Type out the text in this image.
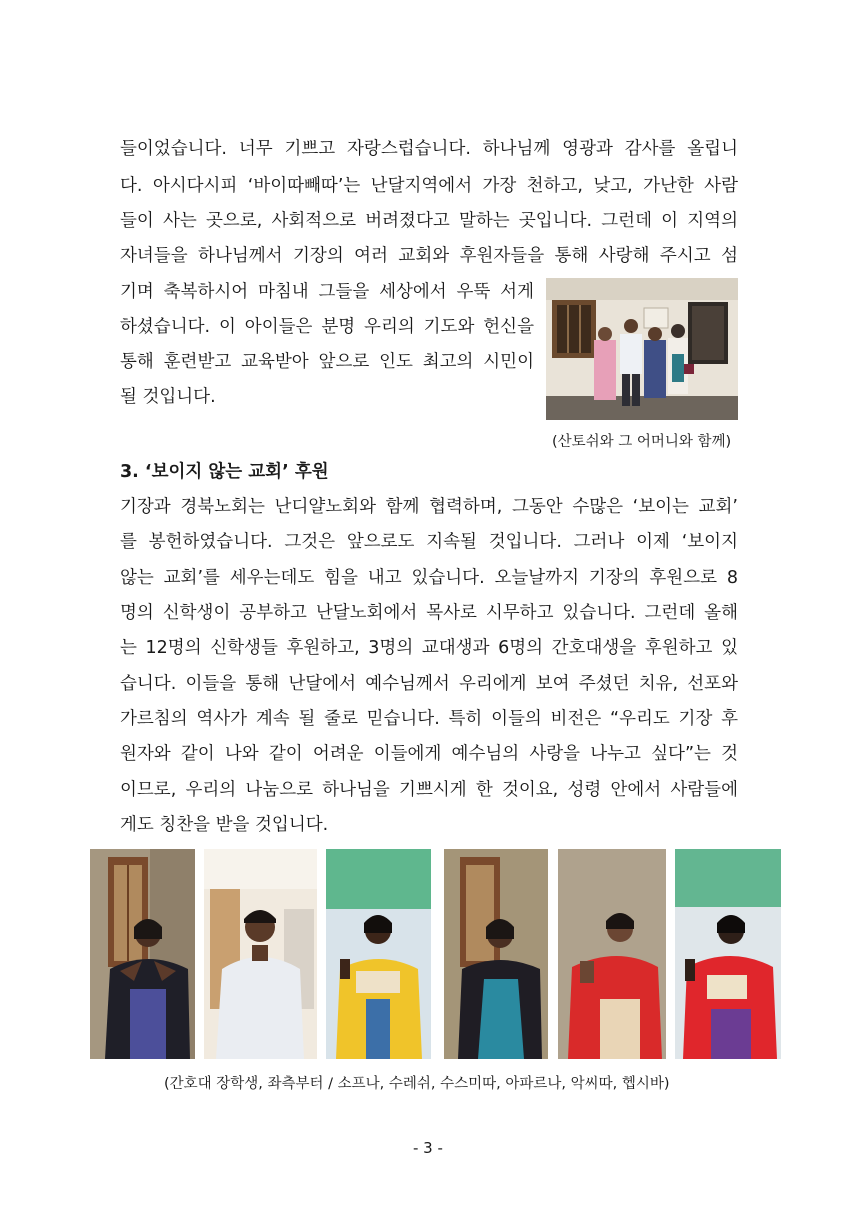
들이었습니다. 너무 기쁘고 자랑스럽습니다. 하나님께 영광과 감사를 올립니
다. 아시다시피 ‘바이따빼따’는 난달지역에서 가장 천하고, 낮고, 가난한 사람
들이 사는 곳으로, 사회적으로 버려졌다고 말하는 곳입니다. 그런데 이 지역의
자녀들을 하나님께서 기장의 여러 교회와 후원자들을 통해 사랑해 주시고 섬
기며 축복하시어 마침내 그들을 세상에서 우뚝 서게
하셨습니다. 이 아이들은 분명 우리의 기도와 헌신을
통해 훈련받고 교육받아 앞으로 인도 최고의 시민이
될 것입니다.
(산토쉬와 그 어머니와 함께)
3. ‘보이지 않는 교회’ 후원
기장과 경북노회는 난디얄노회와 함께 협력하며, 그동안 수많은 ‘보이는 교회’
를 봉헌하였습니다. 그것은 앞으로도 지속될 것입니다. 그러나 이제 ‘보이지
않는 교회’를 세우는데도 힘을 내고 있습니다. 오늘날까지 기장의 후원으로 8
명의 신학생이 공부하고 난달노회에서 목사로 시무하고 있습니다. 그런데 올해
는 12명의 신학생들 후원하고, 3명의 교대생과 6명의 간호대생을 후원하고 있
습니다. 이들을 통해 난달에서 예수님께서 우리에게 보여 주셨던 치유, 선포와
가르침의 역사가 계속 될 줄로 믿습니다. 특히 이들의 비전은 “우리도 기장 후
원자와 같이 나와 같이 어려운 이들에게 예수님의 사랑을 나누고 싶다”는 것
이므로, 우리의 나눔으로 하나님을 기쁘시게 한 것이요, 성령 안에서 사람들에
게도 칭찬을 받을 것입니다.
(간호대 장학생, 좌측부터 / 소프나, 수레쉬, 수스미따, 아파르나, 악씨따, 헵시바)
- 3 -
